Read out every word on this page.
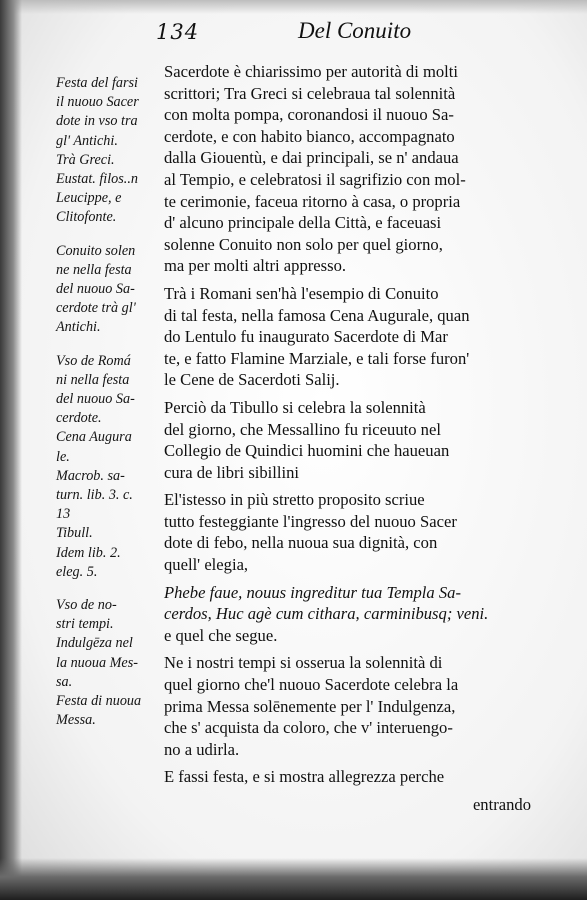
134	Del Conuito
Festa del farsi
il nuouo Sacer
dote in vso tra
gl' Antichi.
Trà Greci.
Eustat. filos..n
Leucippe, e
Clitofonte.
Conuito solen
ne nella festa
del nuouo Sa-
cerdote trà gl'
Antichi.
Vso de Romá
ni nella festa
del nuouo Sa-
cerdote.
Cena Augura
le.
Macrob. sa-
turn. lib. 3. c.
13
Tibull.
Idem lib. 2.
eleg. 5.
Vso de no-
stri tempi.
Indulgēza nel
la nuoua Mes-
sa.
Festa di nuoua
Messa.
Sacerdote è chiarissimo per autorità di molti
scrittori; Tra Greci si celebraua tal solennità
con molta pompa, coronandosi il nuouo Sa-
cerdote, e con habito bianco, accompagnato
dalla Giouentù, e dai principali, se n' andaua
al Tempio, e celebratosi il sagrifizio con mol-
te cerimonie, faceua ritorno à casa, o propria
d' alcuno principale della Città, e faceuasi
solenne Conuito non solo per quel giorno,
ma per molti altri appresso.
Trà i Romani sen'hà l'esempio di Conuito
di tal festa, nella famosa Cena Augurale, quan
do Lentulo fu inaugurato Sacerdote di Mar
te, e fatto Flamine Marziale, e tali forse furon'
le Cene de Sacerdoti Salij.
Perciò da Tibullo si celebra la solennità
del giorno, che Messallino fu riceuuto nel
Collegio de Quindici huomini che haueuan
cura de libri sibillini
El'istesso in più stretto proposito scriue
tutto festeggiante l'ingresso del nuouo Sacer
dote di febo, nella nuoua sua dignità, con
quell' elegia,
Phebe faue, nouus ingreditur tua Templa Sa-
cerdos, Huc agè cum cithara, carminibusq; veni.
e quel che segue.
Ne i nostri tempi si osserua la solennità di
quel giorno che'l nuouo Sacerdote celebra la
prima Messa solēnemente per l' Indulgenza,
che s' acquista da coloro, che v' interuengo-
no a udirla.
E fassi festa, e si mostra allegrezza perche
entrando
